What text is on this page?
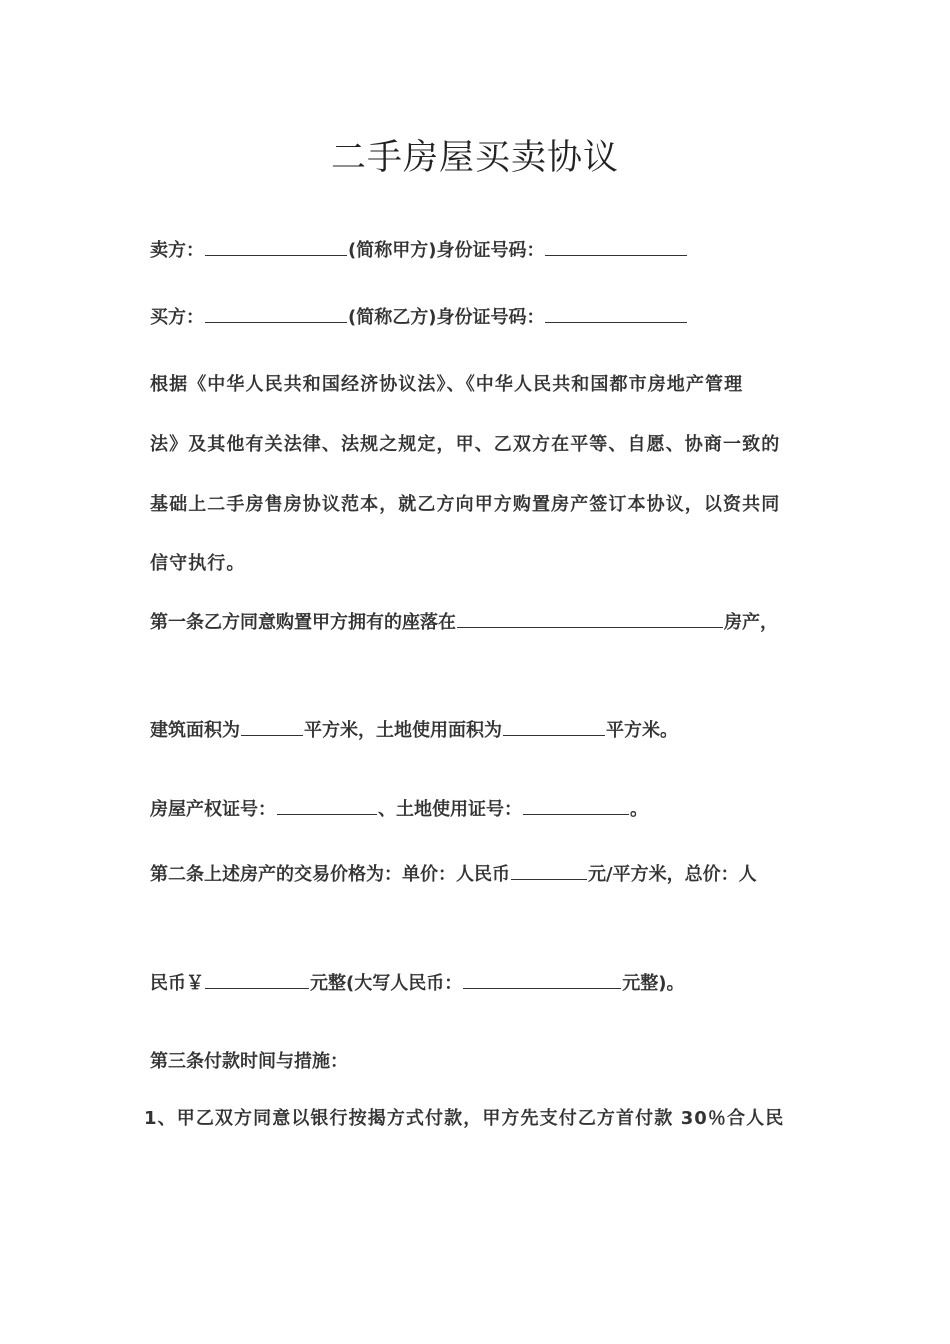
二手房屋买卖协议
卖方：	(简称甲方)身份证号码：
买方：	(简称乙方)身份证号码：
根据《中华人民共和国经济协议法》、《中华人民共和国都市房地产管理
法》及其他有关法律、法规之规定，甲、乙双方在平等、自愿、协商一致的
基础上二手房售房协议范本，就乙方向甲方购置房产签订本协议，以资共同
信守执行。
第一条乙方同意购置甲方拥有的座落在	房产，
建筑面积为	平方米，土地使用面积为	平方米。
房屋产权证号：	、土地使用证号：	。
第二条上述房产的交易价格为：单价：人民币	元/平方米，总价：人
民币￥	元整(大写人民币：	元整)。
第三条付款时间与措施：
1、甲乙双方同意以银行按揭方式付款，甲方先支付乙方首付款 30％合人民
